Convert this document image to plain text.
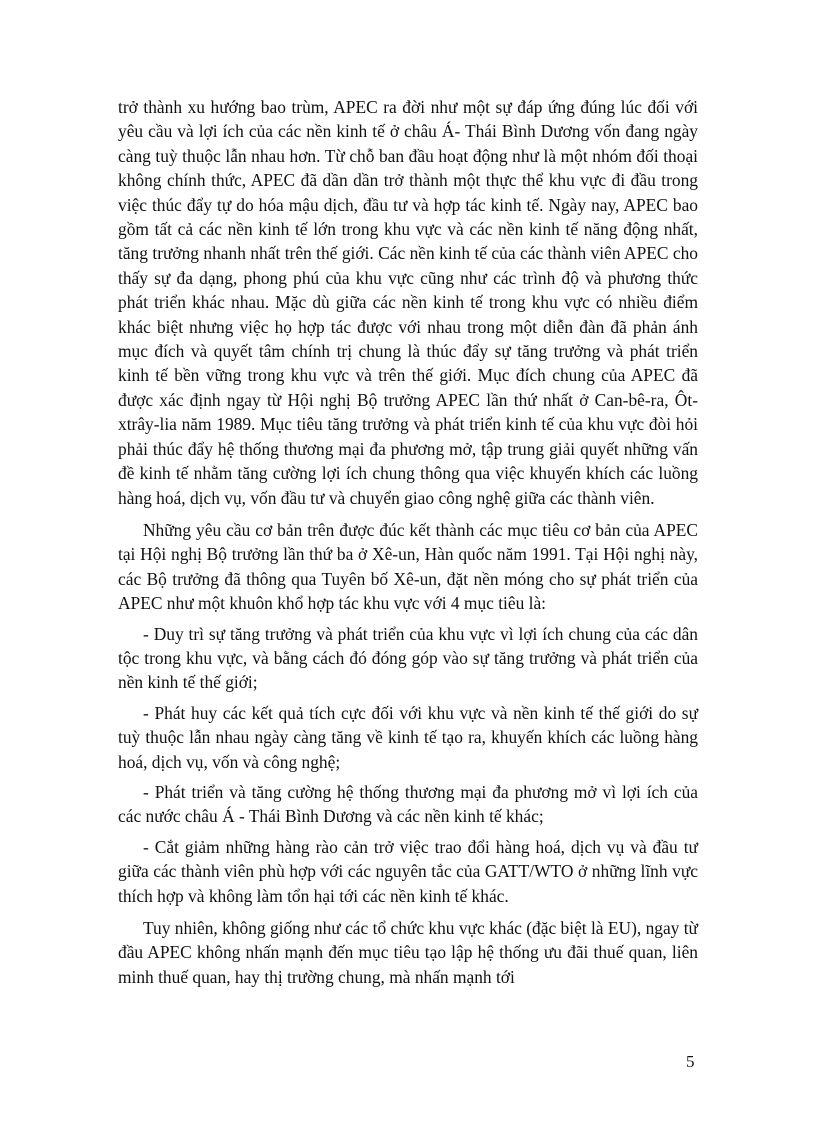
trở thành xu hướng bao trùm, APEC ra đời như một sự đáp ứng đúng lúc đối với yêu cầu và lợi ích của các nền kinh tế ở châu Á- Thái Bình Dương vốn đang ngày càng tuỳ thuộc lẫn nhau hơn. Từ chỗ ban đầu hoạt động như là một nhóm đối thoại không chính thức, APEC đã dần dần trở thành một thực thể khu vực đi đầu trong việc thúc đẩy tự do hóa mậu dịch, đầu tư và hợp tác kinh tế. Ngày nay, APEC bao gồm tất cả các nền kinh tế lớn trong khu vực và các nền kinh tế năng động nhất, tăng trưởng nhanh nhất trên thế giới. Các nền kinh tế của các thành viên APEC cho thấy sự đa dạng, phong phú của khu vực cũng như các trình độ và phương thức phát triển khác nhau. Mặc dù giữa các nền kinh tế trong khu vực có nhiều điểm khác biệt nhưng việc họ hợp tác được với nhau trong một diễn đàn đã phản ánh mục đích và quyết tâm chính trị chung là thúc đẩy sự tăng trưởng và phát triển kinh tế bền vững trong khu vực và trên thế giới. Mục đích chung của APEC đã được xác định ngay từ Hội nghị Bộ trưởng APEC lần thứ nhất ở Can-bê-ra, Ôt-xtrây-lia năm 1989. Mục tiêu tăng trưởng và phát triển kinh tế của khu vực đòi hỏi phải thúc đẩy hệ thống thương mại đa phương mở, tập trung giải quyết những vấn đề kinh tế nhằm tăng cường lợi ích chung thông qua việc khuyến khích các luồng hàng hoá, dịch vụ, vốn đầu tư và chuyển giao công nghệ giữa các thành viên.

Những yêu cầu cơ bản trên được đúc kết thành các mục tiêu cơ bản của APEC tại Hội nghị Bộ trưởng lần thứ ba ở Xê-un, Hàn quốc năm 1991. Tại Hội nghị này, các Bộ trưởng đã thông qua Tuyên bố Xê-un, đặt nền móng cho sự phát triển của APEC như một khuôn khổ hợp tác khu vực với 4 mục tiêu là:

- Duy trì sự tăng trưởng và phát triển của khu vực vì lợi ích chung của các dân tộc trong khu vực, và bằng cách đó đóng góp vào sự tăng trưởng và phát triển của nền kinh tế thế giới;

- Phát huy các kết quả tích cực đối với khu vực và nền kinh tế thế giới do sự tuỳ thuộc lẫn nhau ngày càng tăng về kinh tế tạo ra, khuyến khích các luồng hàng hoá, dịch vụ, vốn và công nghệ;

- Phát triển và tăng cường hệ thống thương mại đa phương mở vì lợi ích của các nước châu Á - Thái Bình Dương và các nền kinh tế khác;

- Cắt giảm những hàng rào cản trở việc trao đổi hàng hoá, dịch vụ và đầu tư giữa các thành viên phù hợp với các nguyên tắc của GATT/WTO ở những lĩnh vực thích hợp và không làm tổn hại tới các nền kinh tế khác.

Tuy nhiên, không giống như các tổ chức khu vực khác (đặc biệt là EU), ngay từ đầu APEC không nhấn mạnh đến mục tiêu tạo lập hệ thống ưu đãi thuế quan, liên minh thuế quan, hay thị trường chung, mà nhấn mạnh tới

5
